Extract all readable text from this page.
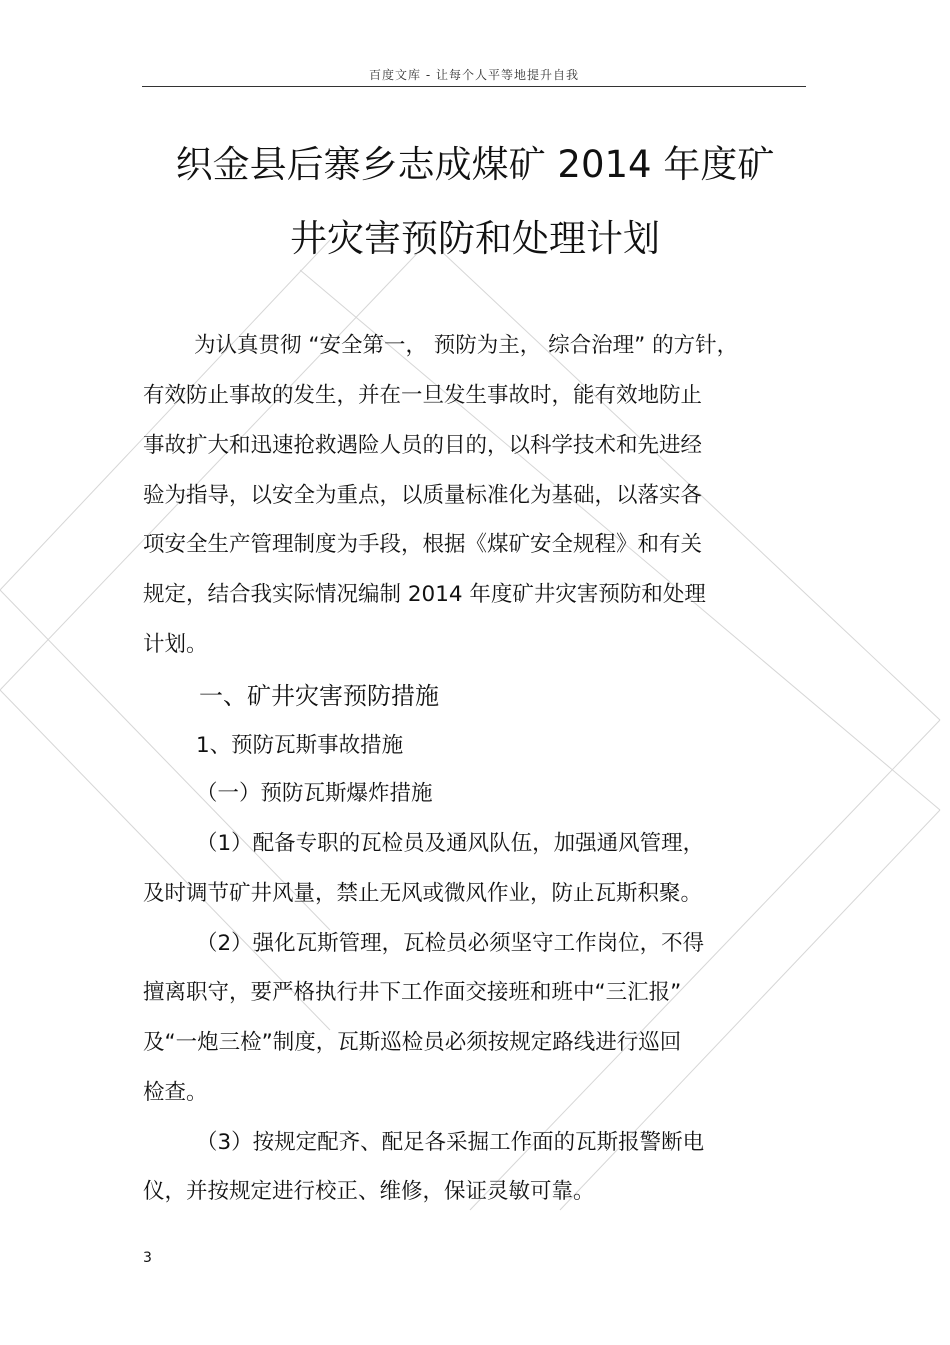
百度文库 - 让每个人平等地提升自我
织金县后寨乡志成煤矿 2014 年度矿
井灾害预防和处理计划
为认真贯彻 “安全第一， 预防为主， 综合治理” 的方针，
有效防止事故的发生，并在一旦发生事故时，能有效地防止
事故扩大和迅速抢救遇险人员的目的，以科学技术和先进经
验为指导，以安全为重点，以质量标准化为基础，以落实各
项安全生产管理制度为手段，根据《煤矿安全规程》和有关
规定，结合我实际情况编制 2014 年度矿井灾害预防和处理
计划。
一、矿井灾害预防措施
1、预防瓦斯事故措施
（一）预防瓦斯爆炸措施
（1）配备专职的瓦检员及通风队伍，加强通风管理，
及时调节矿井风量，禁止无风或微风作业，防止瓦斯积聚。
（2）强化瓦斯管理，瓦检员必须坚守工作岗位，不得
擅离职守，要严格执行井下工作面交接班和班中“三汇报”
及“一炮三检”制度，瓦斯巡检员必须按规定路线进行巡回
检查。
（3）按规定配齐、配足各采掘工作面的瓦斯报警断电
仪，并按规定进行校正、维修，保证灵敏可靠。
3
